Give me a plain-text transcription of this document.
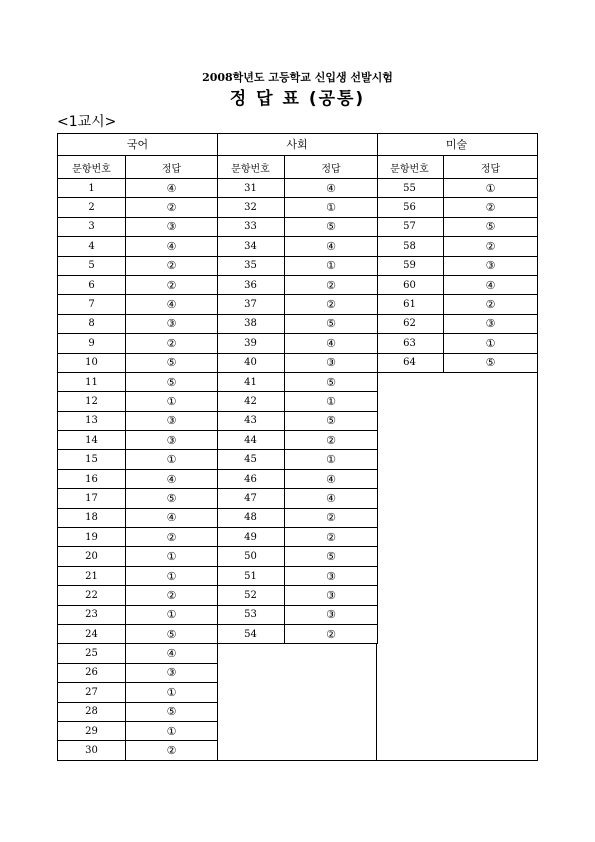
2008학년도 고등학교 신입생 선발시험
정 답 표 (공통)
<1교시>
국어
문항번호	정답
1	④
2	②
3	③
4	④
5	②
6	②
7	④
8	③
9	②
10	⑤
11	⑤
12	①
13	③
14	③
15	①
16	④
17	⑤
18	④
19	②
20	①
21	①
22	②
23	①
24	⑤
25	④
26	③
27	①
28	⑤
29	①
30	②
사회
문항번호	정답
31	④
32	①
33	⑤
34	④
35	①
36	②
37	②
38	⑤
39	④
40	③
41	⑤
42	①
43	⑤
44	②
45	①
46	④
47	④
48	②
49	②
50	⑤
51	③
52	③
53	③
54	②
미술
문항번호	정답
55	①
56	②
57	⑤
58	②
59	③
60	④
61	②
62	③
63	①
64	⑤
